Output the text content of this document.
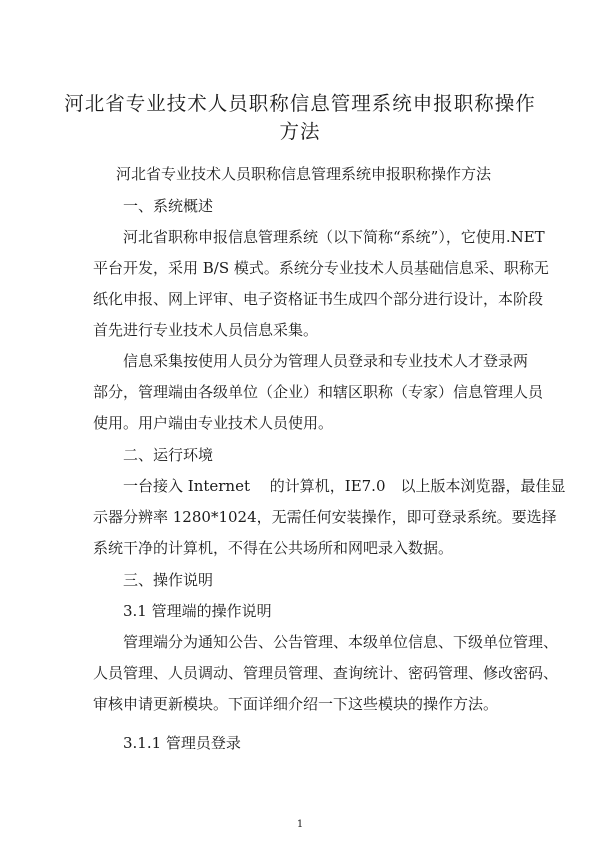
河北省专业技术人员职称信息管理系统申报职称操作
方法
河北省专业技术人员职称信息管理系统申报职称操作方法
一、系统概述
河北省职称申报信息管理系统（以下简称“系统”），它使用.NET
平台开发，采用 B/S 模式。系统分专业技术人员基础信息采、职称无
纸化申报、网上评审、电子资格证书生成四个部分进行设计，本阶段
首先进行专业技术人员信息采集。
信息采集按使用人员分为管理人员登录和专业技术人才登录两
部分，管理端由各级单位（企业）和辖区职称（专家）信息管理人员
使用。用户端由专业技术人员使用。
二、运行环境
一台接入 Internet　 的计算机，IE7.0　以上版本浏览器，最佳显
示器分辨率 1280*1024，无需任何安装操作，即可登录系统。要选择
系统干净的计算机，不得在公共场所和网吧录入数据。
三、操作说明
3.1 管理端的操作说明
管理端分为通知公告、公告管理、本级单位信息、下级单位管理、
人员管理、人员调动、管理员管理、查询统计、密码管理、修改密码、
审核申请更新模块。下面详细介绍一下这些模块的操作方法。
3.1.1 管理员登录
1
